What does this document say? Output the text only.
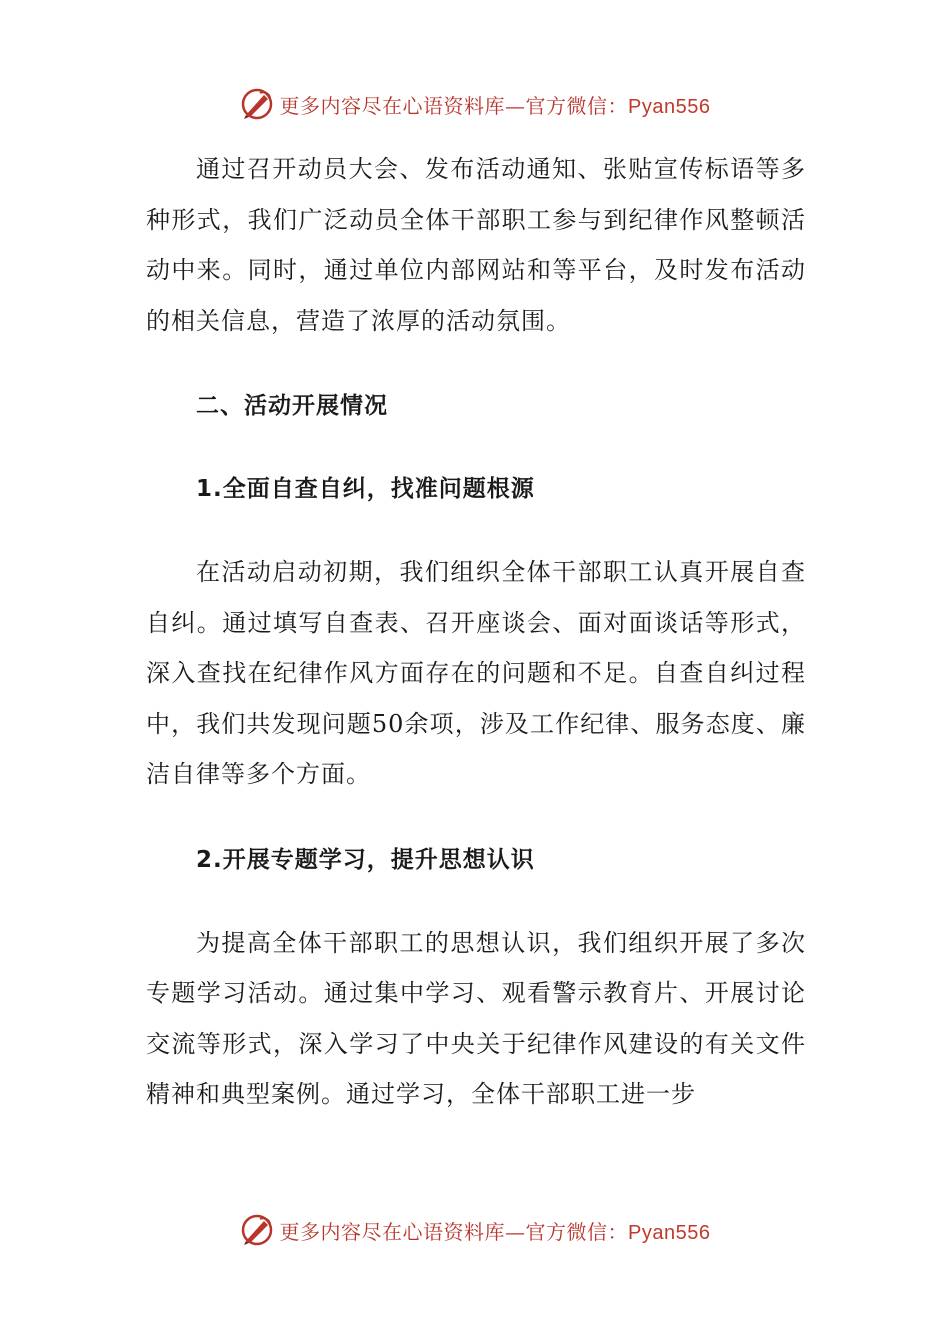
更多内容尽在心语资料库—官方微信：Pyan556

通过召开动员大会、发布活动通知、张贴宣传标语等多种形式，我们广泛动员全体干部职工参与到纪律作风整顿活动中来。同时，通过单位内部网站和等平台，及时发布活动的相关信息，营造了浓厚的活动氛围。

二、活动开展情况

1.全面自查自纠，找准问题根源

在活动启动初期，我们组织全体干部职工认真开展自查自纠。通过填写自查表、召开座谈会、面对面谈话等形式，深入查找在纪律作风方面存在的问题和不足。自查自纠过程中，我们共发现问题50余项，涉及工作纪律、服务态度、廉洁自律等多个方面。

2.开展专题学习，提升思想认识

为提高全体干部职工的思想认识，我们组织开展了多次专题学习活动。通过集中学习、观看警示教育片、开展讨论交流等形式，深入学习了中央关于纪律作风建设的有关文件精神和典型案例。通过学习，全体干部职工进一步

更多内容尽在心语资料库—官方微信：Pyan556
